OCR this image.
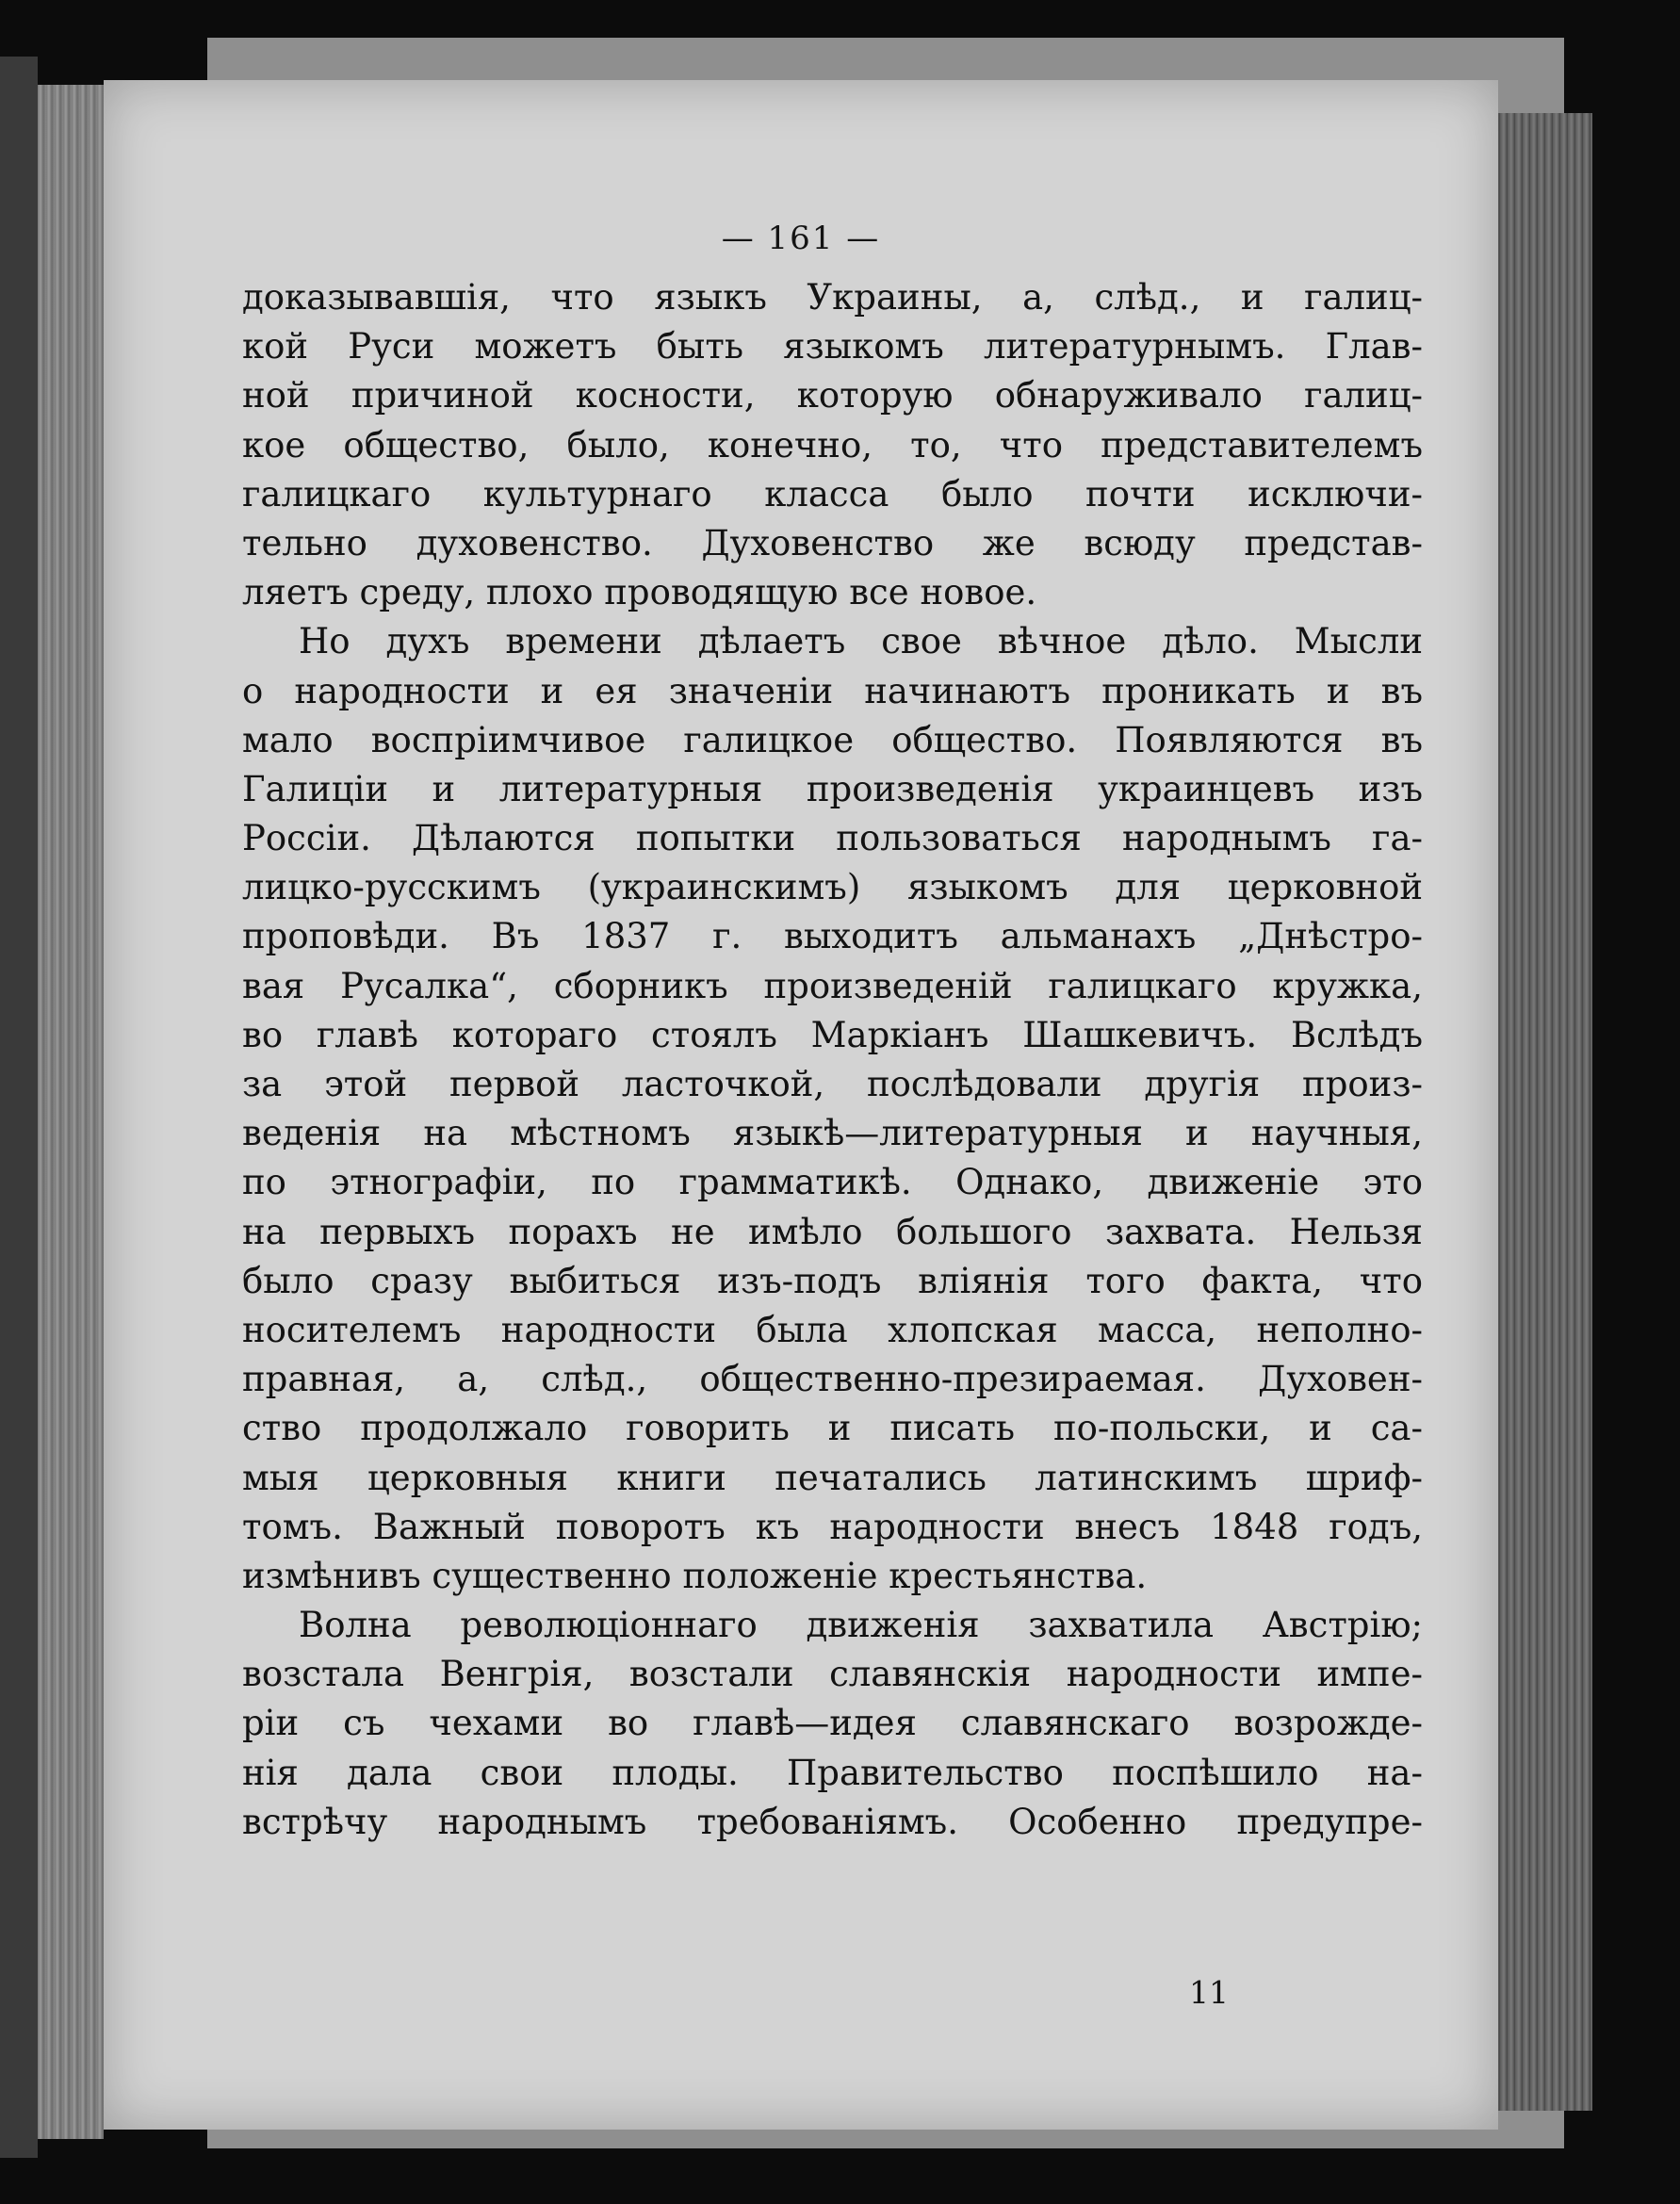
— 161 —
доказывавшія, что языкъ Украины, а, слѣд., и галиц-
кой Руси можетъ быть языкомъ литературнымъ. Глав-
ной причиной косности, которую обнаруживало галиц-
кое общество, было, конечно, то, что представителемъ
галицкаго культурнаго класса было почти исключи-
тельно духовенство. Духовенство же всюду представ-
ляетъ среду, плохо проводящую все новое.
Но духъ времени дѣлаетъ свое вѣчное дѣло. Мысли
о народности и ея значеніи начинаютъ проникать и въ
мало воспріимчивое галицкое общество. Появляются въ
Галиціи и литературныя произведенія украинцевъ изъ
Россіи. Дѣлаются попытки пользоваться народнымъ га-
лицко-русскимъ (украинскимъ) языкомъ для церковной
проповѣди. Въ 1837 г. выходитъ альманахъ „Днѣстро-
вая Русалка“, сборникъ произведеній галицкаго кружка,
во главѣ котораго стоялъ Маркіанъ Шашкевичъ. Вслѣдъ
за этой первой ласточкой, послѣдовали другія произ-
веденія на мѣстномъ языкѣ—литературныя и научныя,
по этнографіи, по грамматикѣ. Однако, движеніе это
на первыхъ порахъ не имѣло большого захвата. Нельзя
было сразу выбиться изъ-подъ вліянія того факта, что
носителемъ народности была хлопская масса, неполно-
правная, а, слѣд., общественно-презираемая. Духовен-
ство продолжало говорить и писать по-польски, и са-
мыя церковныя книги печатались латинскимъ шриф-
томъ. Важный поворотъ къ народности внесъ 1848 годъ,
измѣнивъ существенно положеніе крестьянства.
Волна революціоннаго движенія захватила Австрію;
возстала Венгрія, возстали славянскія народности импе-
ріи съ чехами во главѣ—идея славянскаго возрожде-
нія дала свои плоды. Правительство поспѣшило на-
встрѣчу народнымъ требованіямъ. Особенно предупре-
11
